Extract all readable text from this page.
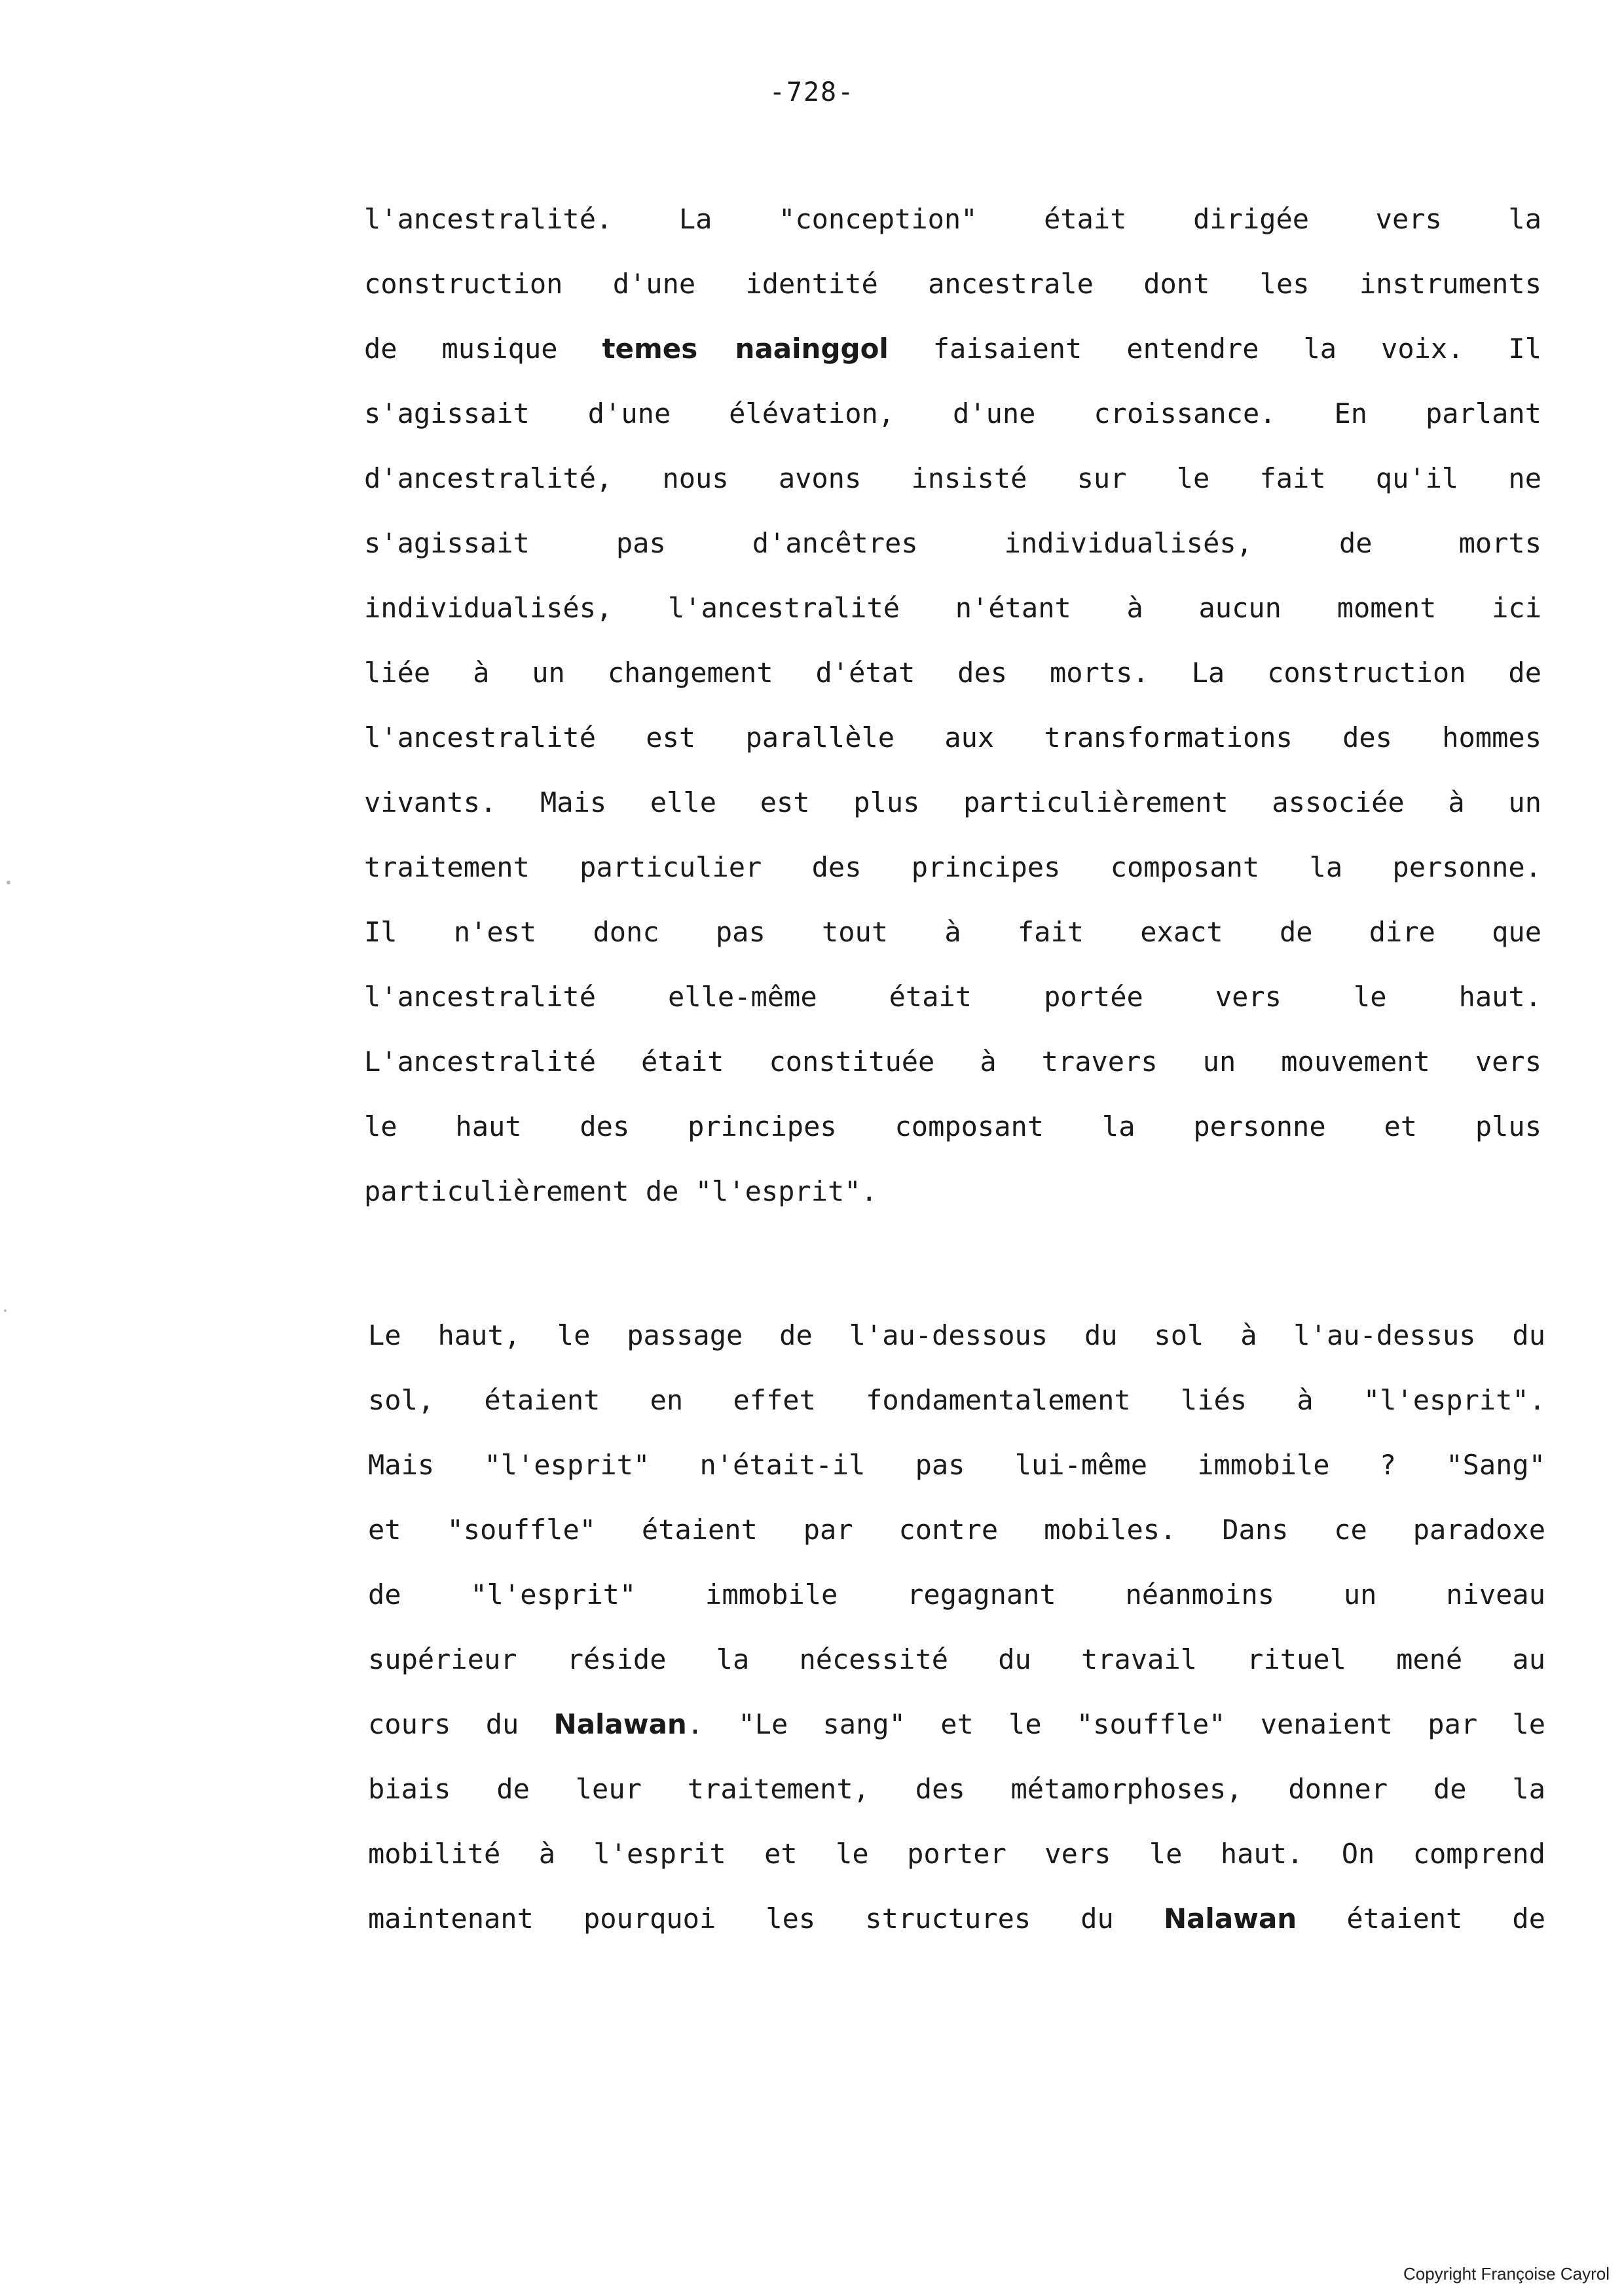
-728-
l'ancestralité. La "conception" était dirigée vers la
construction d'une identité ancestrale dont les instruments
de musique temes naainggol faisaient entendre la voix. Il
s'agissait d'une élévation, d'une croissance. En parlant
d'ancestralité, nous avons insisté sur le fait qu'il ne
s'agissait pas d'ancêtres individualisés, de morts
individualisés, l'ancestralité n'étant à aucun moment ici
liée à un changement d'état des morts. La construction de
l'ancestralité est parallèle aux transformations des hommes
vivants. Mais elle est plus particulièrement associée à un
traitement particulier des principes composant la personne.
Il n'est donc pas tout à fait exact de dire que
l'ancestralité elle-même était portée vers le haut.
L'ancestralité était constituée à travers un mouvement vers
le haut des principes composant la personne et plus
particulièrement de "l'esprit".
Le haut, le passage de l'au-dessous du sol à l'au-dessus du
sol, étaient en effet fondamentalement liés à "l'esprit".
Mais "l'esprit" n'était-il pas lui-même immobile ? "Sang"
et "souffle" étaient par contre mobiles. Dans ce paradoxe
de "l'esprit" immobile regagnant néanmoins un niveau
supérieur réside la nécessité du travail rituel mené au
cours du Nalawan. "Le sang" et le "souffle" venaient par le
biais de leur traitement, des métamorphoses, donner de la
mobilité à l'esprit et le porter vers le haut. On comprend
maintenant pourquoi les structures du Nalawan étaient de
Copyright Françoise Cayrol
